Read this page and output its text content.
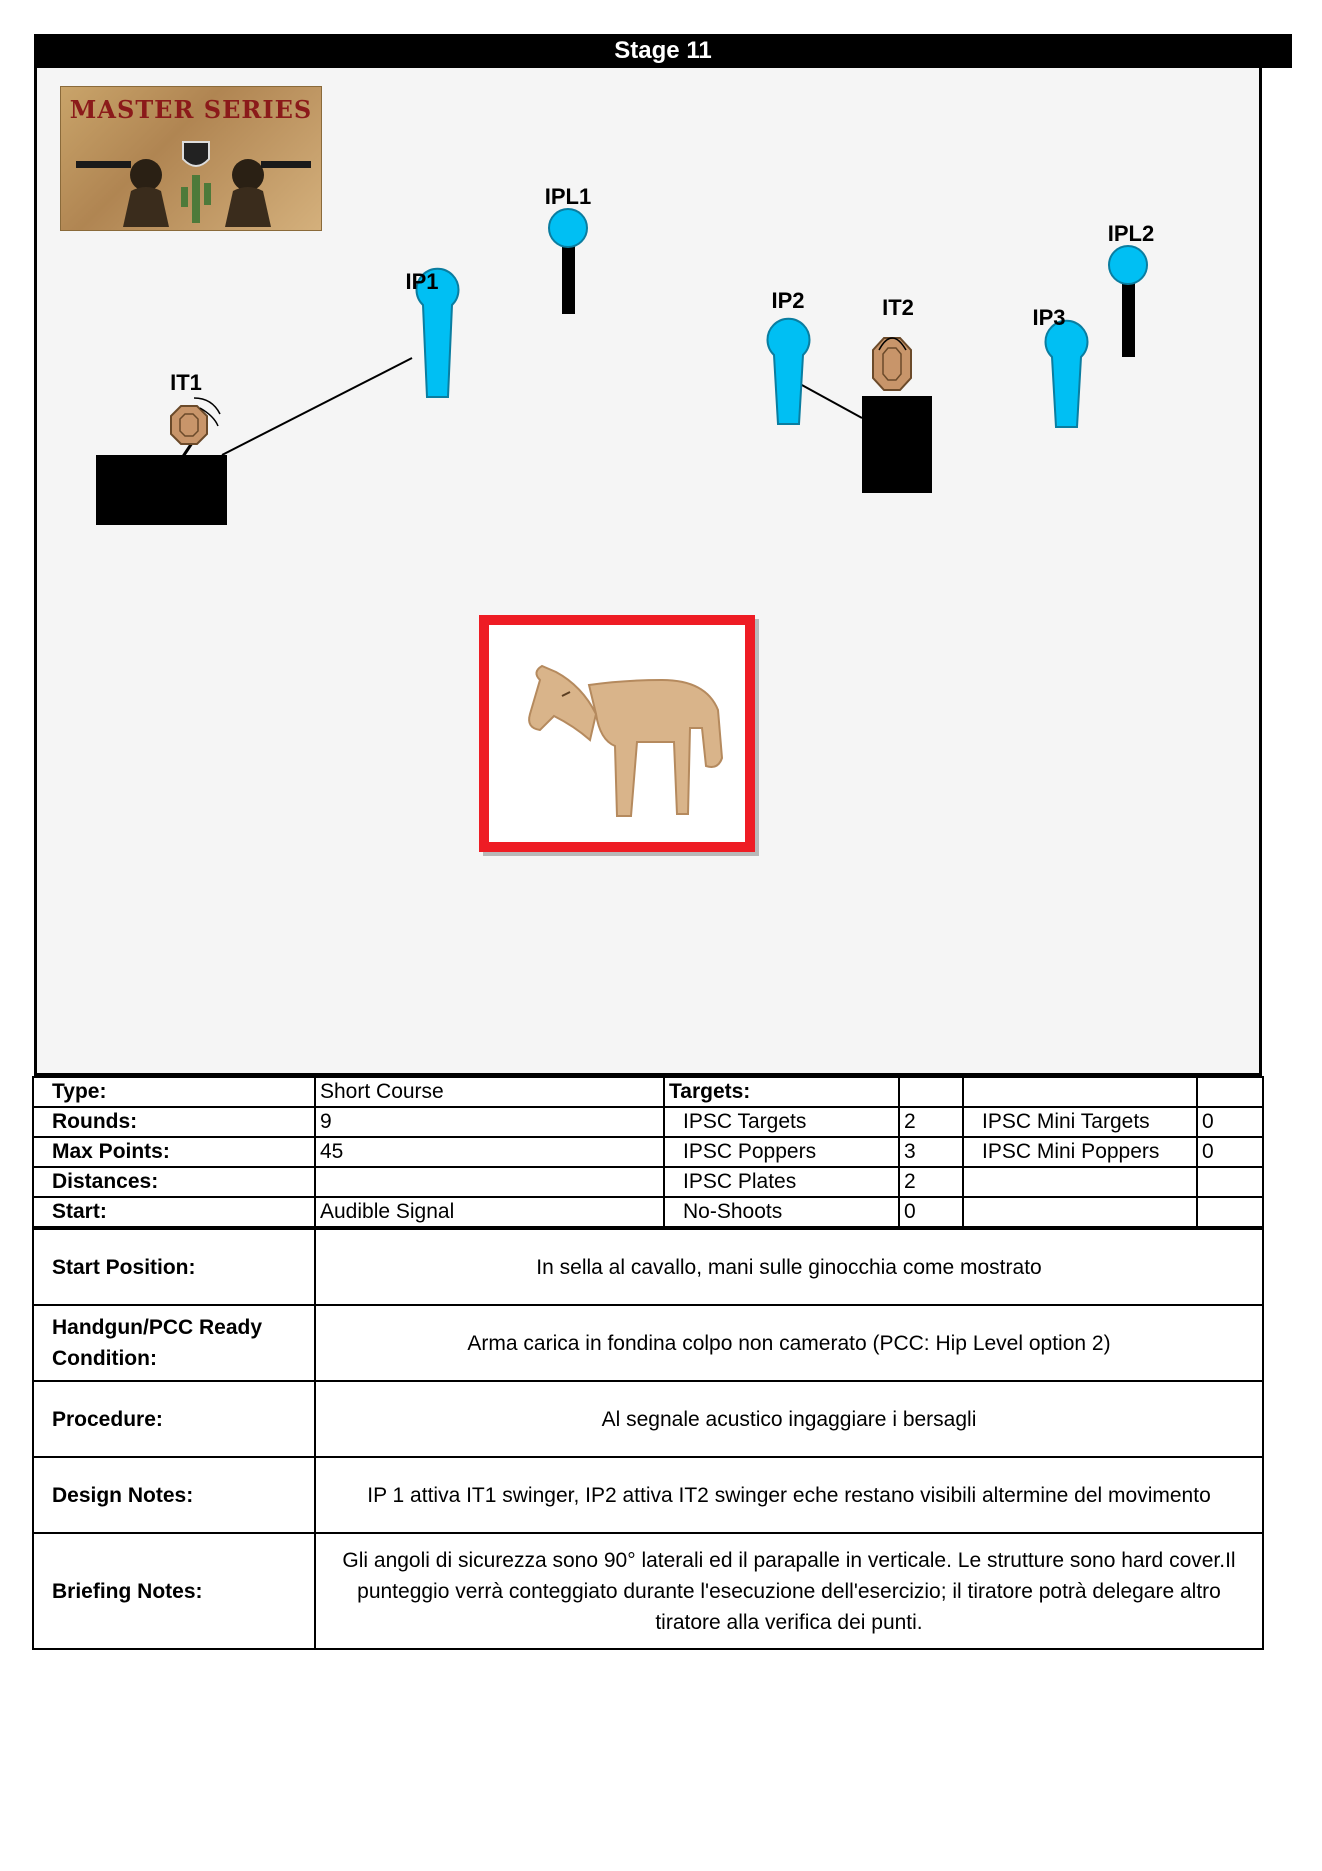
Stage 11
MASTER SERIES
IT1
IP1
IPL1
IP2	IT2	IP3
IPL2
Type:	Short Course	Targets:			
Rounds:	9	IPSC Targets	2	IPSC Mini Targets	0
Max Points:	45	IPSC Poppers	3	IPSC Mini Poppers	0
Distances:		IPSC Plates	2		
Start:	Audible Signal	No-Shoots	0		
Start Position:	In sella al cavallo, mani sulle ginocchia come mostrato

Handgun/PCC Ready
Condition:	Arma carica in fondina colpo non camerato (PCC: Hip Level option 2)
Procedure:	Al segnale acustico ingaggiare i bersagli
Design Notes:	IP 1 attiva IT1 swinger, IP2 attiva IT2 swinger eche restano visibili altermine del movimento
Briefing Notes:	Gli angoli di sicurezza sono 90° laterali ed il parapalle in verticale. Le strutture sono hard cover.Il punteggio verrà conteggiato durante l'esecuzione dell'esercizio; il tiratore potrà delegare altro tiratore alla verifica dei punti.
